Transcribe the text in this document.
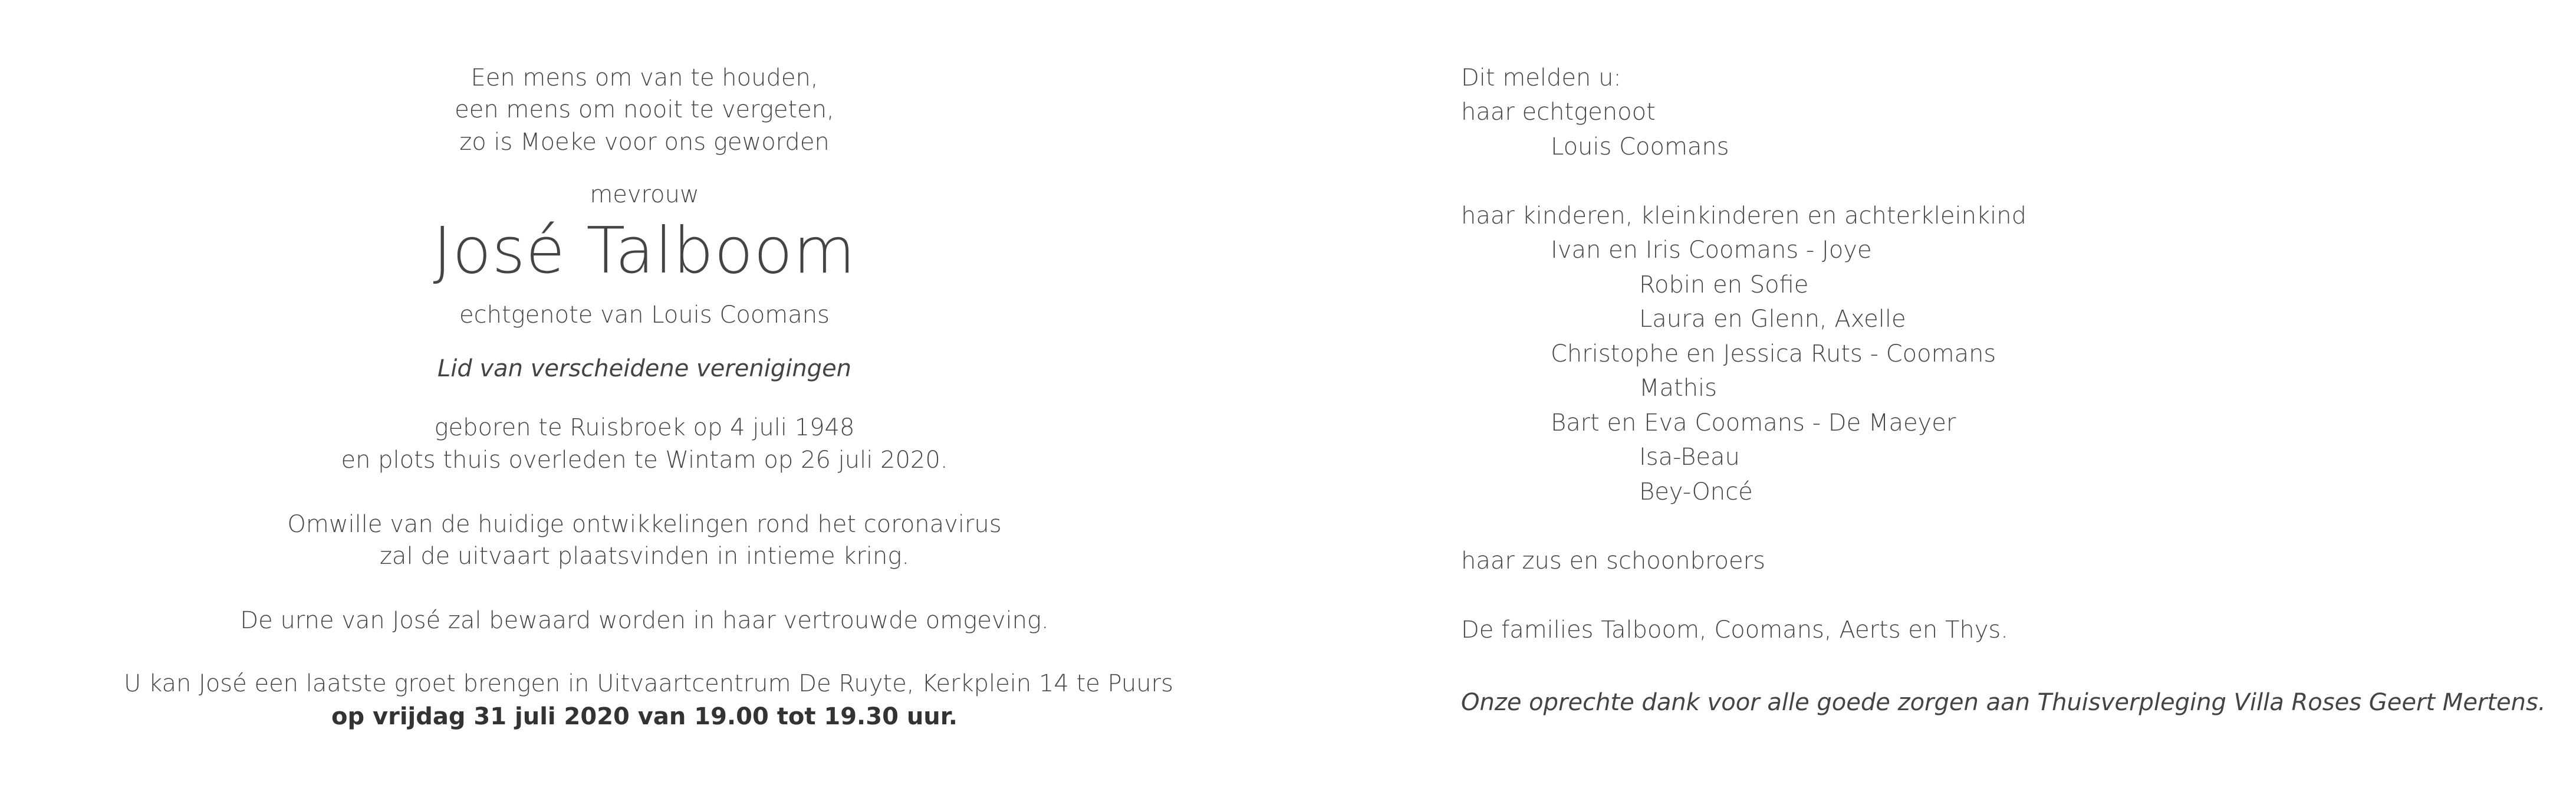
Een mens om van te houden,
een mens om nooit te vergeten,
zo is Moeke voor ons geworden
mevrouw
José Talboom
echtgenote van Louis Coomans
Lid van verscheidene verenigingen
geboren te Ruisbroek op 4 juli 1948
en plots thuis overleden te Wintam op 26 juli 2020.
Omwille van de huidige ontwikkelingen rond het coronavirus
zal de uitvaart plaatsvinden in intieme kring.
De urne van José zal bewaard worden in haar vertrouwde omgeving.
U kan José een laatste groet brengen in Uitvaartcentrum De Ruyte, Kerkplein 14 te Puurs
op vrijdag 31 juli 2020 van 19.00 tot 19.30 uur.
Dit melden u:
haar echtgenoot
Louis Coomans
haar kinderen, kleinkinderen en achterkleinkind
Ivan en Iris Coomans - Joye
Robin en Sofie
Laura en Glenn, Axelle
Christophe en Jessica Ruts - Coomans
Mathis
Bart en Eva Coomans - De Maeyer
Isa-Beau
Bey-Oncé
haar zus en schoonbroers
De families Talboom, Coomans, Aerts en Thys.
Onze oprechte dank voor alle goede zorgen aan Thuisverpleging Villa Roses Geert Mertens.
